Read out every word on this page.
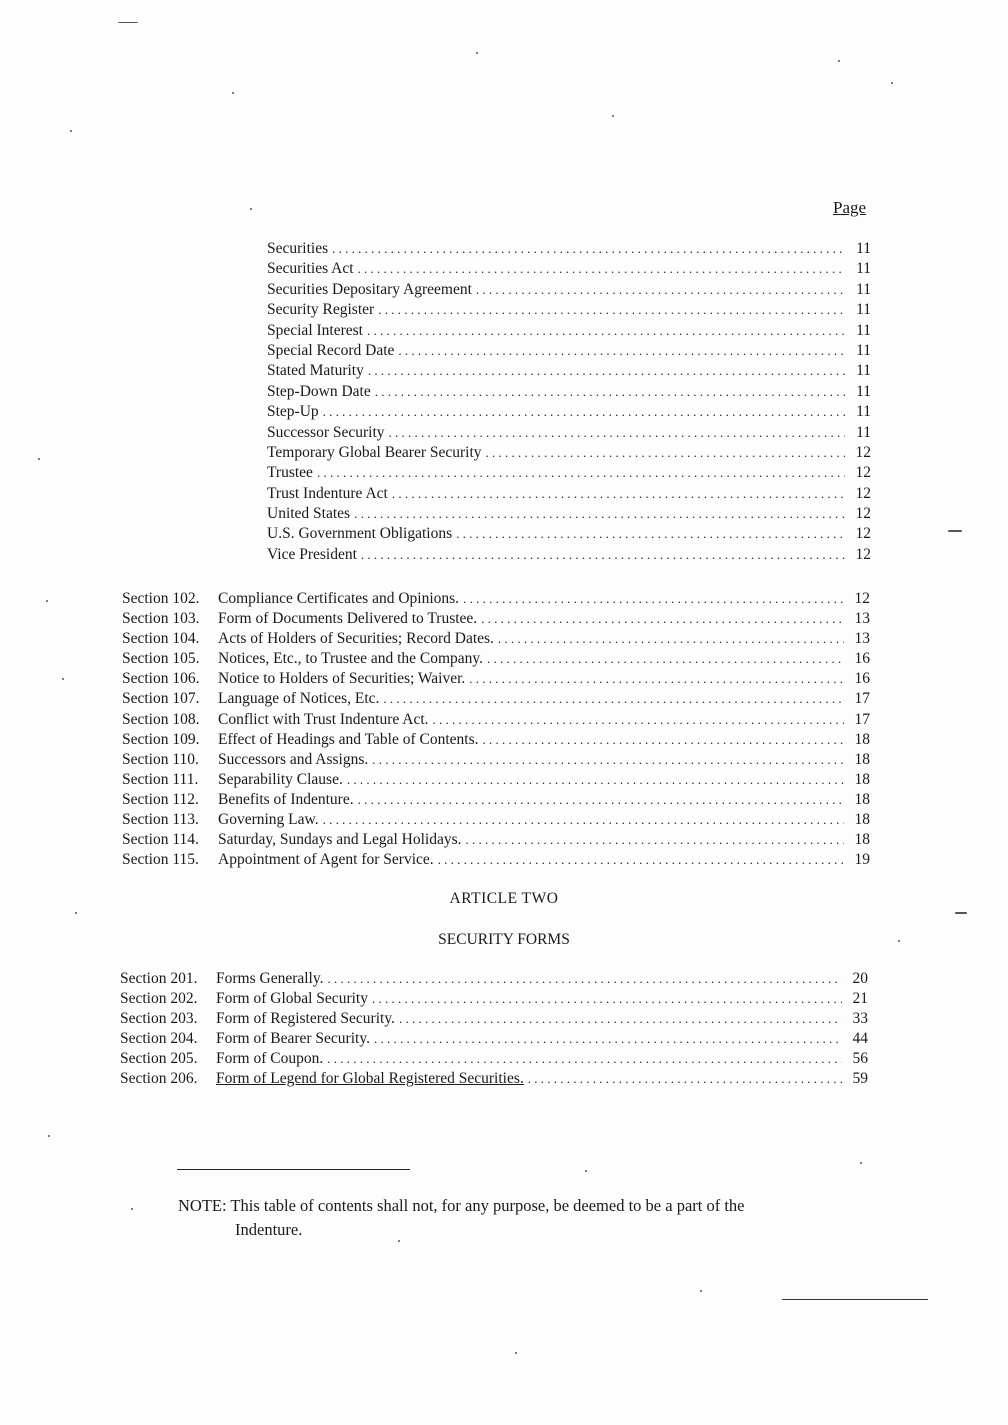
Page
Securities . . .	11
Securities Act . . .	11
Securities Depositary Agreement . . .	11
Security Register . . .	11
Special Interest . . .	11
Special Record Date . . .	11
Stated Maturity . . .	11
Step-Down Date . . .	11
Step-Up . . .	11
Successor Security . . .	11
Temporary Global Bearer Security . . .	12
Trustee . . .	12
Trust Indenture Act . . .	12
United States . . .	12
U.S. Government Obligations . . .	12
Vice President . . .	12
Section 102.	Compliance Certificates and Opinions. . . .	12
Section 103.	Form of Documents Delivered to Trustee. . . .	13
Section 104.	Acts of Holders of Securities; Record Dates. . . .	13
Section 105.	Notices, Etc., to Trustee and the Company. . . .	16
Section 106.	Notice to Holders of Securities; Waiver. . . .	16
Section 107.	Language of Notices, Etc. . . .	17
Section 108.	Conflict with Trust Indenture Act. . . .	17
Section 109.	Effect of Headings and Table of Contents. . . .	18
Section 110.	Successors and Assigns. . . .	18
Section 111.	Separability Clause. . . .	18
Section 112.	Benefits of Indenture. . . .	18
Section 113.	Governing Law. . . .	18
Section 114.	Saturday, Sundays and Legal Holidays. . . .	18
Section 115.	Appointment of Agent for Service. . . .	19
ARTICLE TWO
SECURITY FORMS
Section 201.	Forms Generally. . . .	20
Section 202.	Form of Global Security . . .	21
Section 203.	Form of Registered Security. . . .	33
Section 204.	Form of Bearer Security. . . .	44
Section 205.	Form of Coupon. . . .	56
Section 206.	Form of Legend for Global Registered Securities. . . .	59
NOTE: This table of contents shall not, for any purpose, be deemed to be a part of the
Indenture.
